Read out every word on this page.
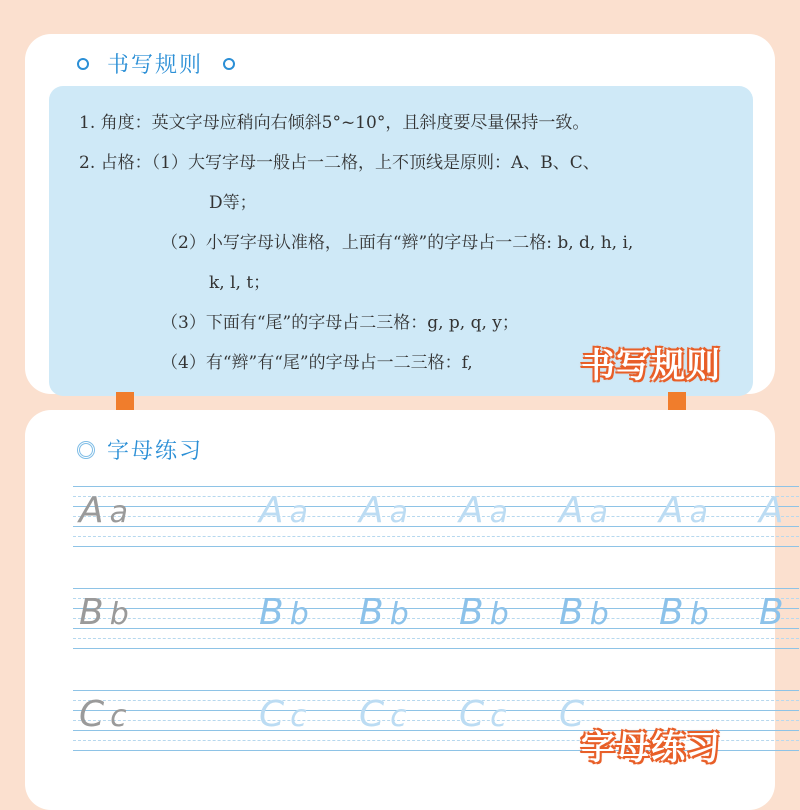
书写规则
1. 角度：英文字母应稍向右倾斜5°~10°，且斜度要尽量保持一致。
2. 占格：（1）大写字母一般占一二格，上不顶线是原则：A、B、C、
D等；
（2）小写字母认准格，上面有“辫”的字母占一二格: b, d, h, i,
k, l, t；
（3）下面有“尾”的字母占二三格：g, p, q, y；
（4）有“辫”有“尾”的字母占一二三格：f,	书写规则
字母练习
A a	A a A a A a A a A a A
B b	B b B b B b B b B b B
C c	C c C c C c C
字母练习
